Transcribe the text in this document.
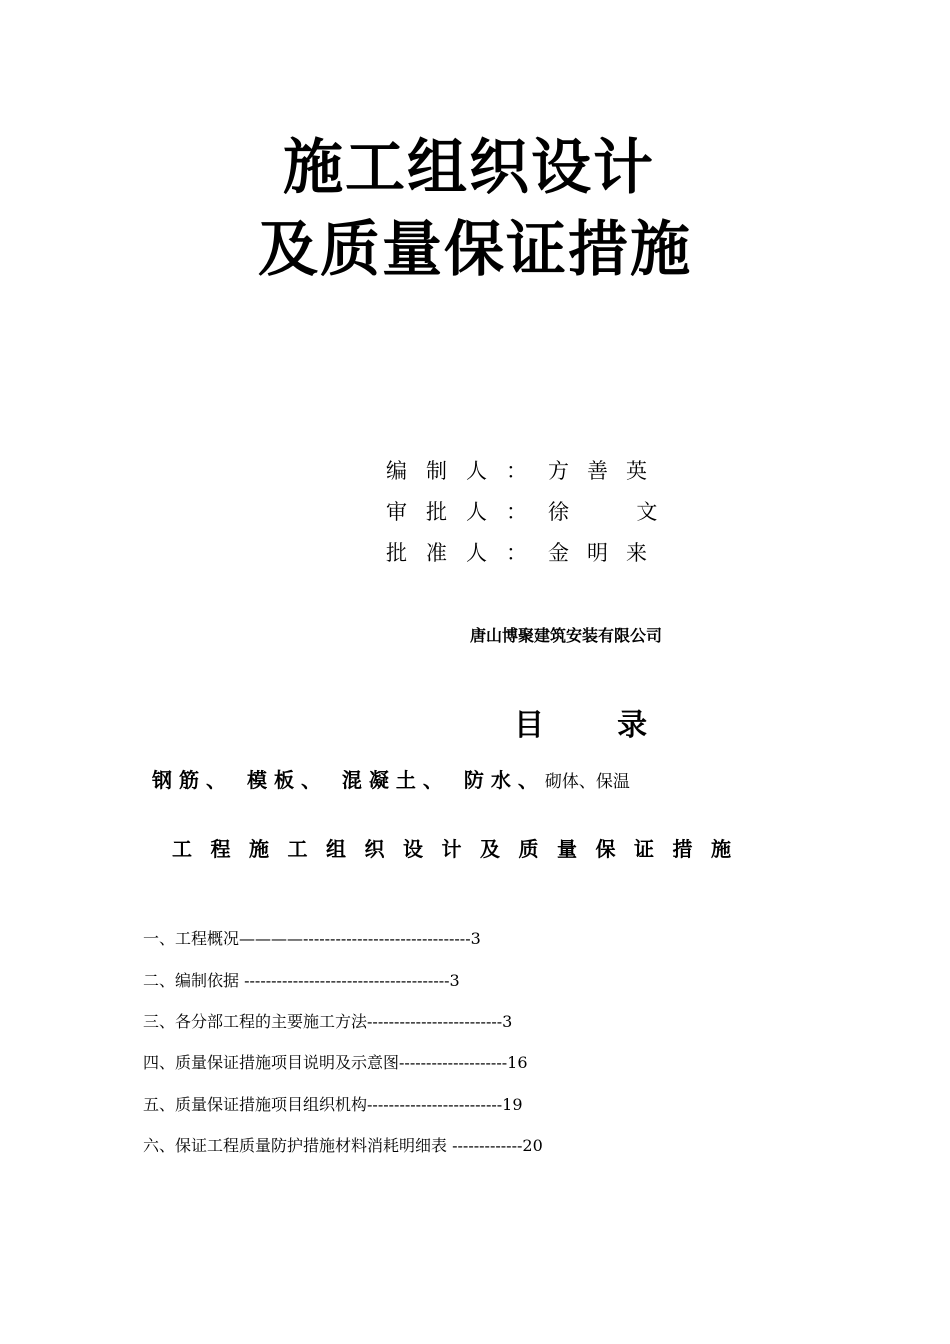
施工组织设计
及质量保证措施
编制人： 方善英
审批人： 徐  文
批准人： 金明来
唐山博聚建筑安装有限公司
目       录
钢筋、 模板、 混凝土、 防水、砌体、保温
工程施工组织设计及质量保证措施
一、工程概况————-------------------------------3
二、编制依据 --------------------------------------3
三、各分部工程的主要施工方法-------------------------3
四、质量保证措施项目说明及示意图--------------------16
五、质量保证措施项目组织机构-------------------------19
六、保证工程质量防护措施材料消耗明细表 -------------20
